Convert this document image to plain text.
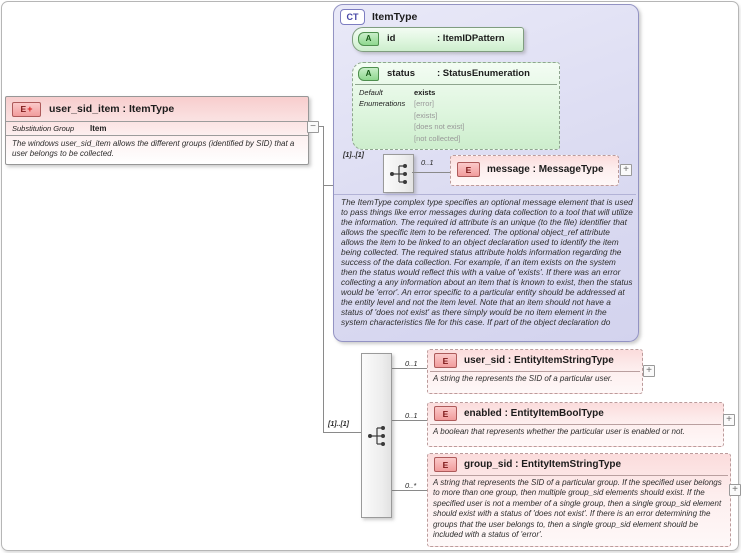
E + user_sid_item : ItemType
Substitution Group	Item
The windows user_sid_item allows the different groups (identified by SID) that a user belongs to be collected.
−
CT	ItemType
A	id	: ItemIDPattern
A	status	: StatusEnumeration
Default
Enumerations
exists
[error]
[exists]
[does not exist]
[not collected]
[1]..[1]
0..1
E	message : MessageType	+
The ItemType complex type specifies an optional message element that is used to pass things like error messages during data collection to a tool that will utilize the information. The required id attribute is an unique (to the file) identifier that allows the specific item to be referenced. The optional object_ref attribute allows the item to be linked to an object declaration used to identify the item being collected. The required status attribute holds information regarding the success of the data collection. For example, if an item exists on the system then the status would reflect this with a value of 'exists'. If there was an error collecting a any information about an item that is known to exist, then the status would be 'error'. An error specific to a particular entity should be addressed at the entity level and not the item level. Note that an item should not have a status of 'does not exist' as there simply would be no item element in the system characteristics file for this case. If part of the object declaration do
[1]..[1]
0..1	E	user_sid : EntityItemStringType
A string the represents the SID of a particular user.
+
0..1	E	enabled : EntityItemBoolType
A boolean that represents whether the particular user is enabled or not.
+
0..*
E	group_sid : EntityItemStringType
A string that represents the SID of a particular group. If the specified user belongs to more than one group, then multiple group_sid elements should exist. If the specified user is not a member of a single group, then a single group_sid element should exist with a status of 'does not exist'. If there is an error determining the groups that the user belongs to, then a single group_sid element should be included with a status of 'error'.
+
